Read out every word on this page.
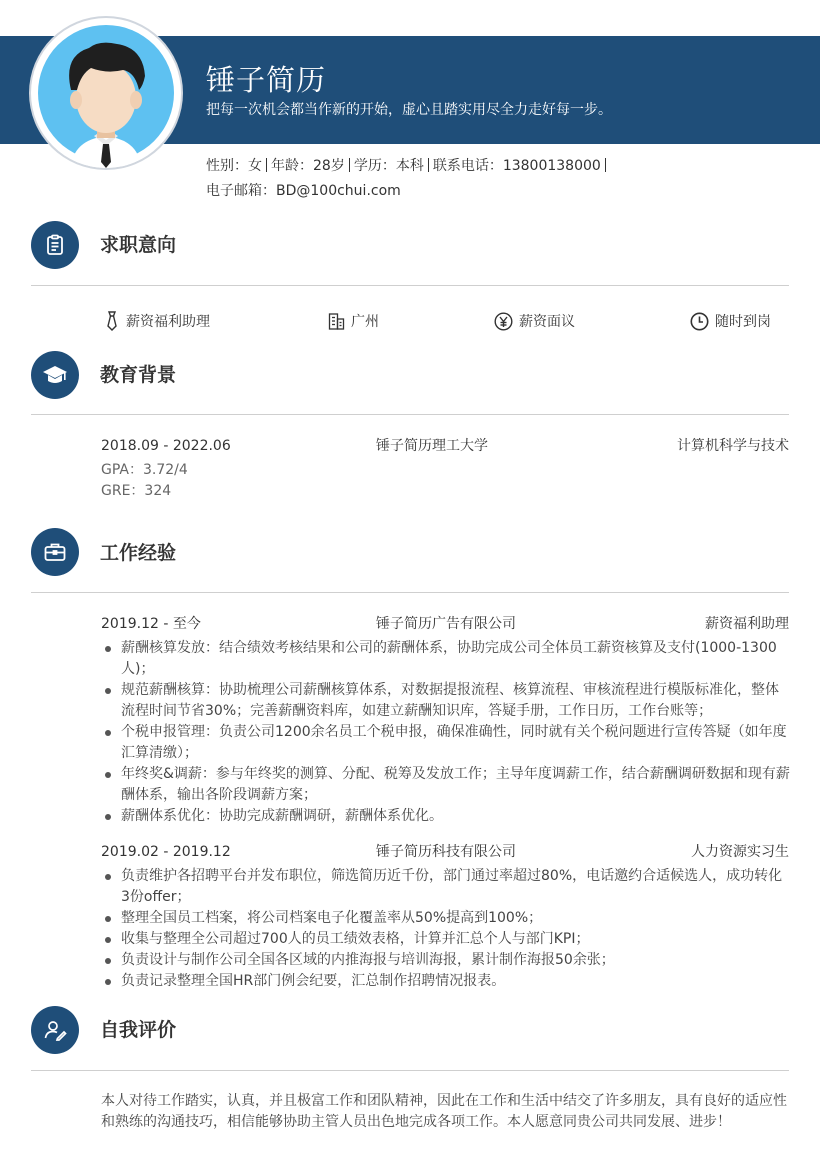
锤子简历
把每一次机会都当作新的开始，虚心且踏实用尽全力走好每一步。
性别：女 年龄：28岁 学历：本科 联系电话：13800138000
电子邮箱：BD@100chui.com
求职意向
薪资福利助理	广州	薪资面议	随时到岗
教育背景
2018.09 - 2022.06	锤子简历理工大学	计算机科学与技术
GPA：3.72/4
GRE：324
工作经验
2019.12 - 至今	锤子简历广告有限公司	薪资福利助理
薪酬核算发放：结合绩效考核结果和公司的薪酬体系，协助完成公司全体员工薪资核算及支付(1000-1300人)；
规范薪酬核算：协助梳理公司薪酬核算体系，对数据提报流程、核算流程、审核流程进行模版标准化，整体流程时间节省30%；完善薪酬资料库，如建立薪酬知识库，答疑手册，工作日历，工作台账等；
个税申报管理：负责公司1200余名员工个税申报，确保准确性，同时就有关个税问题进行宣传答疑（如年度汇算清缴）；
年终奖&调薪：参与年终奖的测算、分配、税筹及发放工作；主导年度调薪工作，结合薪酬调研数据和现有薪酬体系，输出各阶段调薪方案；
薪酬体系优化：协助完成薪酬调研，薪酬体系优化。
2019.02 - 2019.12	锤子简历科技有限公司	人力资源实习生
负责维护各招聘平台并发布职位，筛选简历近千份，部门通过率超过80%，电话邀约合适候选人，成功转化3份offer；
整理全国员工档案，将公司档案电子化覆盖率从50%提高到100%；
收集与整理全公司超过700人的员工绩效表格，计算并汇总个人与部门KPI；
负责设计与制作公司全国各区域的内推海报与培训海报，累计制作海报50余张；
负责记录整理全国HR部门例会纪要，汇总制作招聘情况报表。
自我评价
本人对待工作踏实，认真，并且极富工作和团队精神，因此在工作和生活中结交了许多朋友，具有良好的适应性和熟练的沟通技巧，相信能够协助主管人员出色地完成各项工作。本人愿意同贵公司共同发展、进步！
